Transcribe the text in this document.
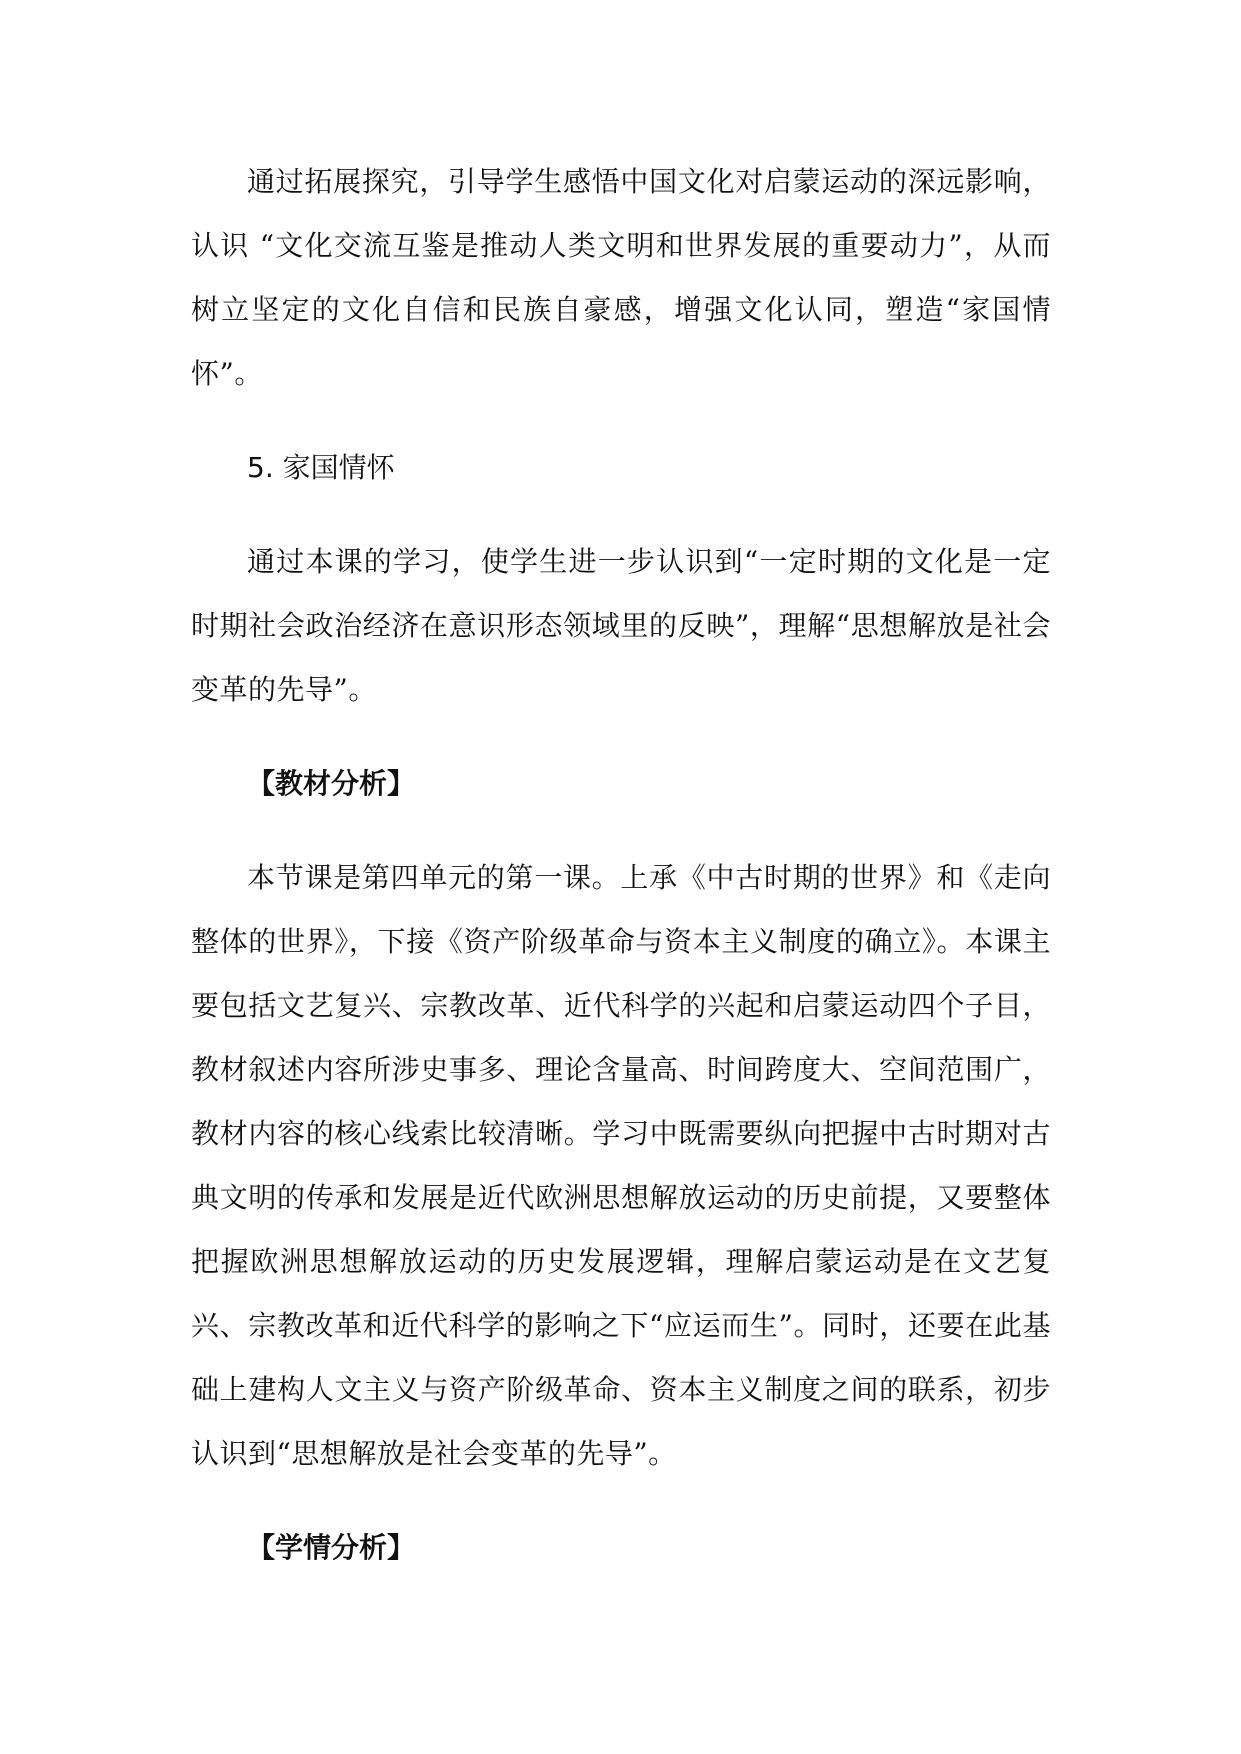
通过拓展探究，引导学生感悟中国文化对启蒙运动的深远影响，认识 “文化交流互鉴是推动人类文明和世界发展的重要动力”，从而树立坚定的文化自信和民族自豪感，增强文化认同，塑造“家国情怀”。

5. 家国情怀

通过本课的学习，使学生进一步认识到“一定时期的文化是一定时期社会政治经济在意识形态领域里的反映”，理解“思想解放是社会变革的先导”。

【教材分析】

本节课是第四单元的第一课。上承《中古时期的世界》和《走向整体的世界》，下接《资产阶级革命与资本主义制度的确立》。本课主要包括文艺复兴、宗教改革、近代科学的兴起和启蒙运动四个子目，教材叙述内容所涉史事多、理论含量高、时间跨度大、空间范围广，教材内容的核心线索比较清晰。学习中既需要纵向把握中古时期对古典文明的传承和发展是近代欧洲思想解放运动的历史前提，又要整体把握欧洲思想解放运动的历史发展逻辑，理解启蒙运动是在文艺复兴、宗教改革和近代科学的影响之下“应运而生”。同时，还要在此基础上建构人文主义与资产阶级革命、资本主义制度之间的联系，初步认识到“思想解放是社会变革的先导”。

【学情分析】
